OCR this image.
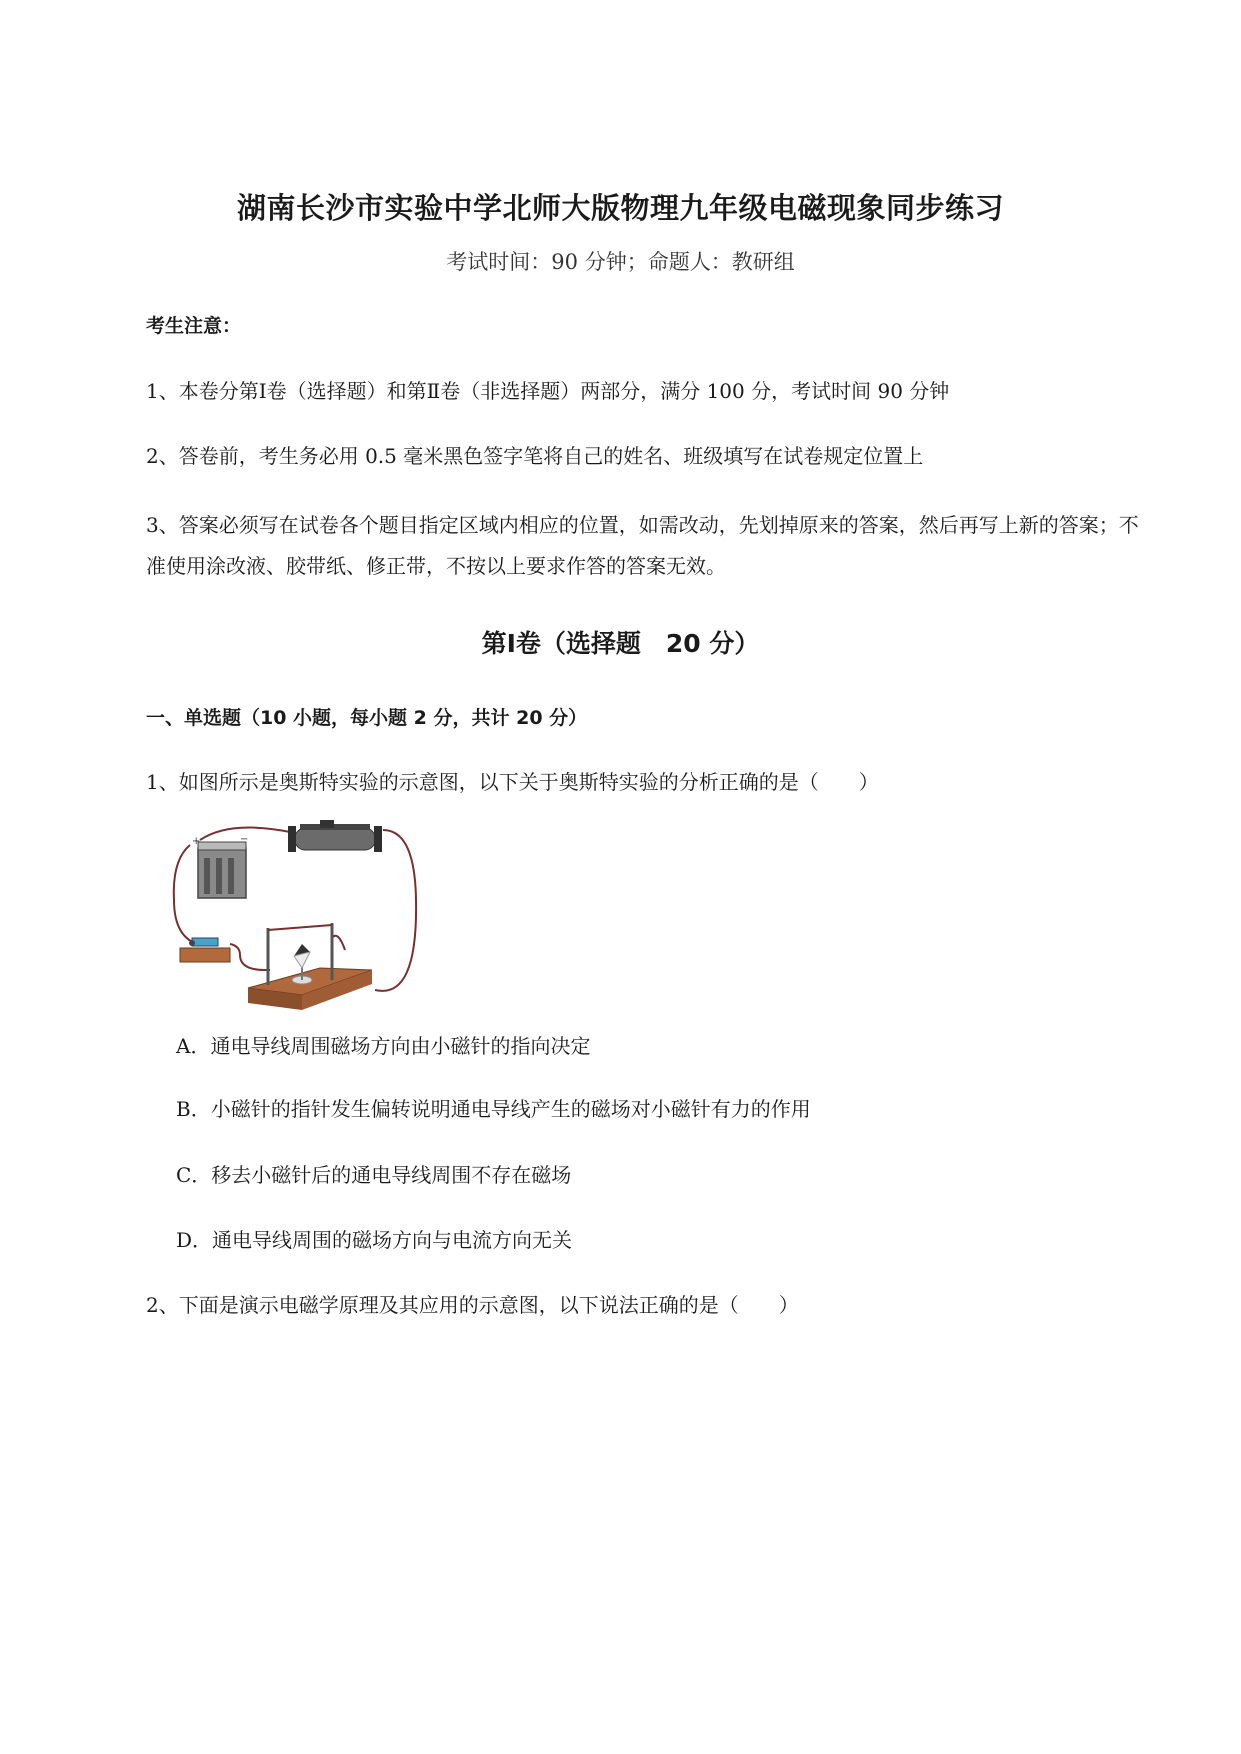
湖南长沙市实验中学北师大版物理九年级电磁现象同步练习
考试时间：90 分钟；命题人：教研组
考生注意：
1、本卷分第Ⅰ卷（选择题）和第Ⅱ卷（非选择题）两部分，满分 100 分，考试时间 90 分钟
2、答卷前，考生务必用 0.5 毫米黑色签字笔将自己的姓名、班级填写在试卷规定位置上
3、答案必须写在试卷各个题目指定区域内相应的位置，如需改动，先划掉原来的答案，然后再写上新的答案；不准使用涂改液、胶带纸、修正带，不按以上要求作答的答案无效。
第Ⅰ卷（选择题　20 分）
一、单选题（10 小题，每小题 2 分，共计 20 分）
1、如图所示是奥斯特实验的示意图，以下关于奥斯特实验的分析正确的是（　　）
+	−
A．通电导线周围磁场方向由小磁针的指向决定
B．小磁针的指针发生偏转说明通电导线产生的磁场对小磁针有力的作用
C．移去小磁针后的通电导线周围不存在磁场
D．通电导线周围的磁场方向与电流方向无关
2、下面是演示电磁学原理及其应用的示意图，以下说法正确的是（　　）
